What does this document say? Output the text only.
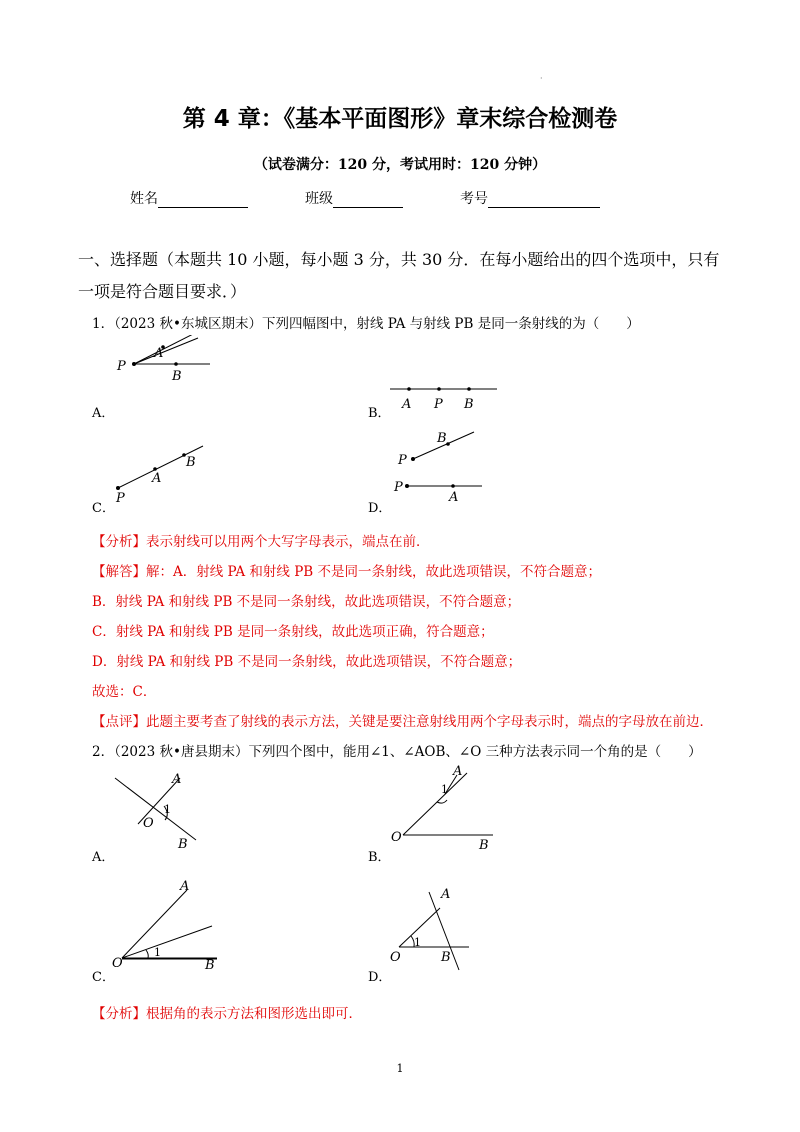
·
第 4 章：《基本平面图形》章末综合检测卷
（试卷满分：120 分，考试用时：120 分钟）
姓名	班级	考号
一、选择题（本题共 10 小题，每小题 3 分，共 30 分．在每小题给出的四个选项中，只有一项是符合题目要求．）
1．（2023 秋•东城区期末）下列四幅图中，射线 PA 与射线 PB 是同一条射线的为（　　）
P
A
B
A．
A P B
B．
P
A
B
C．
P
B
P
A
D．
【分析】表示射线可以用两个大写字母表示，端点在前．
【解答】解：A．射线 PA 和射线 PB 不是同一条射线，故此选项错误，不符合题意；
B．射线 PA 和射线 PB 不是同一条射线，故此选项错误，不符合题意；
C．射线 PA 和射线 PB 是同一条射线，故此选项正确，符合题意；
D．射线 PA 和射线 PB 不是同一条射线，故此选项错误，不符合题意；
故选：C．
【点评】此题主要考查了射线的表示方法，关键是要注意射线用两个字母表示时，端点的字母放在前边．
2．（2023 秋•唐县期末）下列四个图中，能用∠1、∠AOB、∠O 三种方法表示同一个角的是（　　）
A
1
O
B
A．
A
1
O
B
B．
A
1
O	B
C．
A
1
O	B
D．
【分析】根据角的表示方法和图形选出即可．
1
